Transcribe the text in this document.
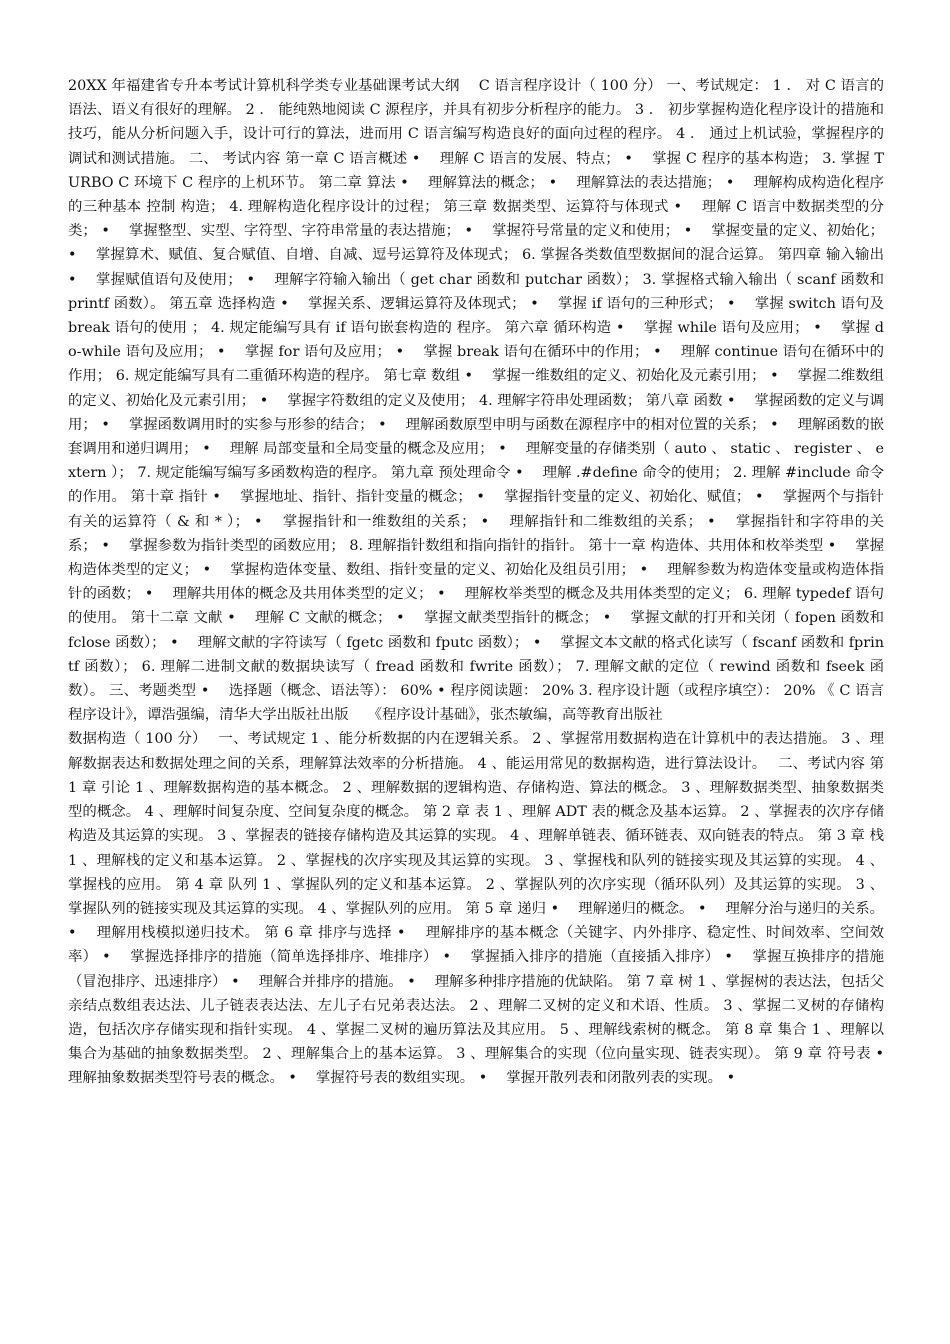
20XX 年福建省专升本考试计算机科学类专业基础课考试大纲　 C 语言程序设计（ 100 分） 一、考试规定： 1 ． 对 C 语言的语法、语义有很好的理解。 2 ． 能纯熟地阅读 C 源程序，并具有初步分析程序的能力。 3 ． 初步掌握构造化程序设计的措施和技巧，能从分析问题入手，设计可行的算法，进而用 C 语言编写构造良好的面向过程的程序。 4 ． 通过上机试验，掌握程序的调试和测试措施。 二、 考试内容 第一章 C 语言概述 •　 理解 C 语言的发展、特点； •　 掌握 C 程序的基本构造； 3. 掌握 TURBO C 环境下 C 程序的上机环节。 第二章 算法 •　 理解算法的概念； •　 理解算法的表达措施； •　 理解构成构造化程序的三种基本 控制 构造； 4. 理解构造化程序设计的过程； 第三章 数据类型、运算符与体现式 •　 理解 C 语言中数据类型的分类； •　 掌握整型、实型、字符型、字符串常量的表达措施； •　 掌握符号常量的定义和使用； •　 掌握变量的定义、初始化； •　 掌握算术、赋值、复合赋值、自增、自减、逗号运算符及体现式； 6. 掌握各类数值型数据间的混合运算。 第四章 输入输出 •　 掌握赋值语句及使用； •　 理解字符输入输出（ get char 函数和 putchar 函数）； 3. 掌握格式输入输出（ scanf 函数和 printf 函数）。 第五章 选择构造 •　 掌握关系、逻辑运算符及体现式； •　 掌握 if 语句的三种形式； •　 掌握 switch 语句及 break 语句的使用 ； 4. 规定能编写具有 if 语句嵌套构造的 程序。 第六章 循环构造 •　 掌握 while 语句及应用； •　 掌握 do-while 语句及应用； •　 掌握 for 语句及应用； •　 掌握 break 语句在循环中的作用； •　 理解 continue 语句在循环中的作用； 6. 规定能编写具有二重循环构造的程序。 第七章 数组 •　 掌握一维数组的定义、初始化及元素引用； •　 掌握二维数组的定义、初始化及元素引用； •　 掌握字符数组的定义及使用； 4. 理解字符串处理函数； 第八章 函数 •　 掌握函数的定义与调用； •　 掌握函数调用时的实参与形参的结合； •　 理解函数原型申明与函数在源程序中的相对位置的关系； •　 理解函数的嵌套调用和递归调用； •　 理解 局部变量和全局变量的概念及应用； •　 理解变量的存储类别（ auto 、 static 、 register 、 extern ）； 7. 规定能编写编写多函数构造的程序。 第九章 预处理命令 •　 理解 .#define 命令的使用； 2. 理解 #include 命令的作用。 第十章 指针 •　 掌握地址、指针、指针变量的概念； •　 掌握指针变量的定义、初始化、赋值； •　 掌握两个与指针有关的运算符（ & 和 * ）； •　 掌握指针和一维数组的关系； •　 理解指针和二维数组的关系； •　 掌握指针和字符串的关系； •　 掌握参数为指针类型的函数应用； 8. 理解指针数组和指向指针的指针。 第十一章 构造体、共用体和枚举类型 •　 掌握构造体类型的定义； •　 掌握构造体变量、数组、指针变量的定义、初始化及组员引用； •　 理解参数为构造体变量或构造体指针的函数； •　 理解共用体的概念及共用体类型的定义； •　 理解枚举类型的概念及共用体类型的定义； 6. 理解 typedef 语句的使用。 第十二章 文献 •　 理解 C 文献的概念； •　 掌握文献类型指针的概念； •　 掌握文献的打开和关闭（ fopen 函数和 fclose 函数）； •　 理解文献的字符读写（ fgetc 函数和 fputc 函数）； •　 掌握文本文献的格式化读写（ fscanf 函数和 fprintf 函数）； 6. 理解二进制文献的数据块读写（ fread 函数和 fwrite 函数）； 7. 理解文献的定位（ rewind 函数和 fseek 函数）。 三、考题类型 •　 选择题（概念、语法等）： 60% • 程序阅读题： 20% 3. 程序设计题（或程序填空）： 20% 《 C 语言程序设计》，谭浩强编，清华大学出版社出版　 《程序设计基础》，张杰敏编，高等教育出版社

数据构造（ 100 分）　 一、考试规定 1 、能分析数据的内在逻辑关系。 2 、掌握常用数据构造在计算机中的表达措施。 3 、理解数据表达和数据处理之间的关系，理解算法效率的分析措施。 4 、能运用常见的数据构造，进行算法设计。　 二、考试内容 第 1 章 引论 1 、理解数据构造的基本概念。 2 、理解数据的逻辑构造、存储构造、算法的概念。 3 、理解数据类型、抽象数据类型的概念。 4 、理解时间复杂度、空间复杂度的概念。 第 2 章 表 1 、理解 ADT 表的概念及基本运算。 2 、掌握表的次序存储构造及其运算的实现。 3 、掌握表的链接存储构造及其运算的实现。 4 、理解单链表、循环链表、双向链表的特点。 第 3 章 栈 1 、理解栈的定义和基本运算。 2 、掌握栈的次序实现及其运算的实现。 3 、掌握栈和队列的链接实现及其运算的实现。 4 、掌握栈的应用。 第 4 章 队列 1 、掌握队列的定义和基本运算。 2 、掌握队列的次序实现（循环队列）及其运算的实现。 3 、掌握队列的链接实现及其运算的实现。 4 、掌握队列的应用。 第 5 章 递归 •　 理解递归的概念。 •　 理解分治与递归的关系。 •　 理解用栈模拟递归技术。 第 6 章 排序与选择 •　 理解排序的基本概念（关键字、内外排序、稳定性、时间效率、空间效率） •　 掌握选择排序的措施（简单选择排序、堆排序） •　 掌握插入排序的措施（直接插入排序） •　 掌握互换排序的措施（冒泡排序、迅速排序） •　 理解合并排序的措施。 •　 理解多种排序措施的优缺陷。 第 7 章 树 1 、掌握树的表达法，包括父亲结点数组表达法、儿子链表表达法、左儿子右兄弟表达法。 2 、理解二叉树的定义和术语、性质。 3 、掌握二叉树的存储构造，包括次序存储实现和指针实现。 4 、掌握二叉树的遍历算法及其应用。 5 、理解线索树的概念。 第 8 章 集合 1 、理解以集合为基础的抽象数据类型。 2 、理解集合上的基本运算。 3 、理解集合的实现（位向量实现、链表实现）。 第 9 章 符号表 •　 理解抽象数据类型符号表的概念。 •　 掌握符号表的数组实现。 •　 掌握开散列表和闭散列表的实现。 •
